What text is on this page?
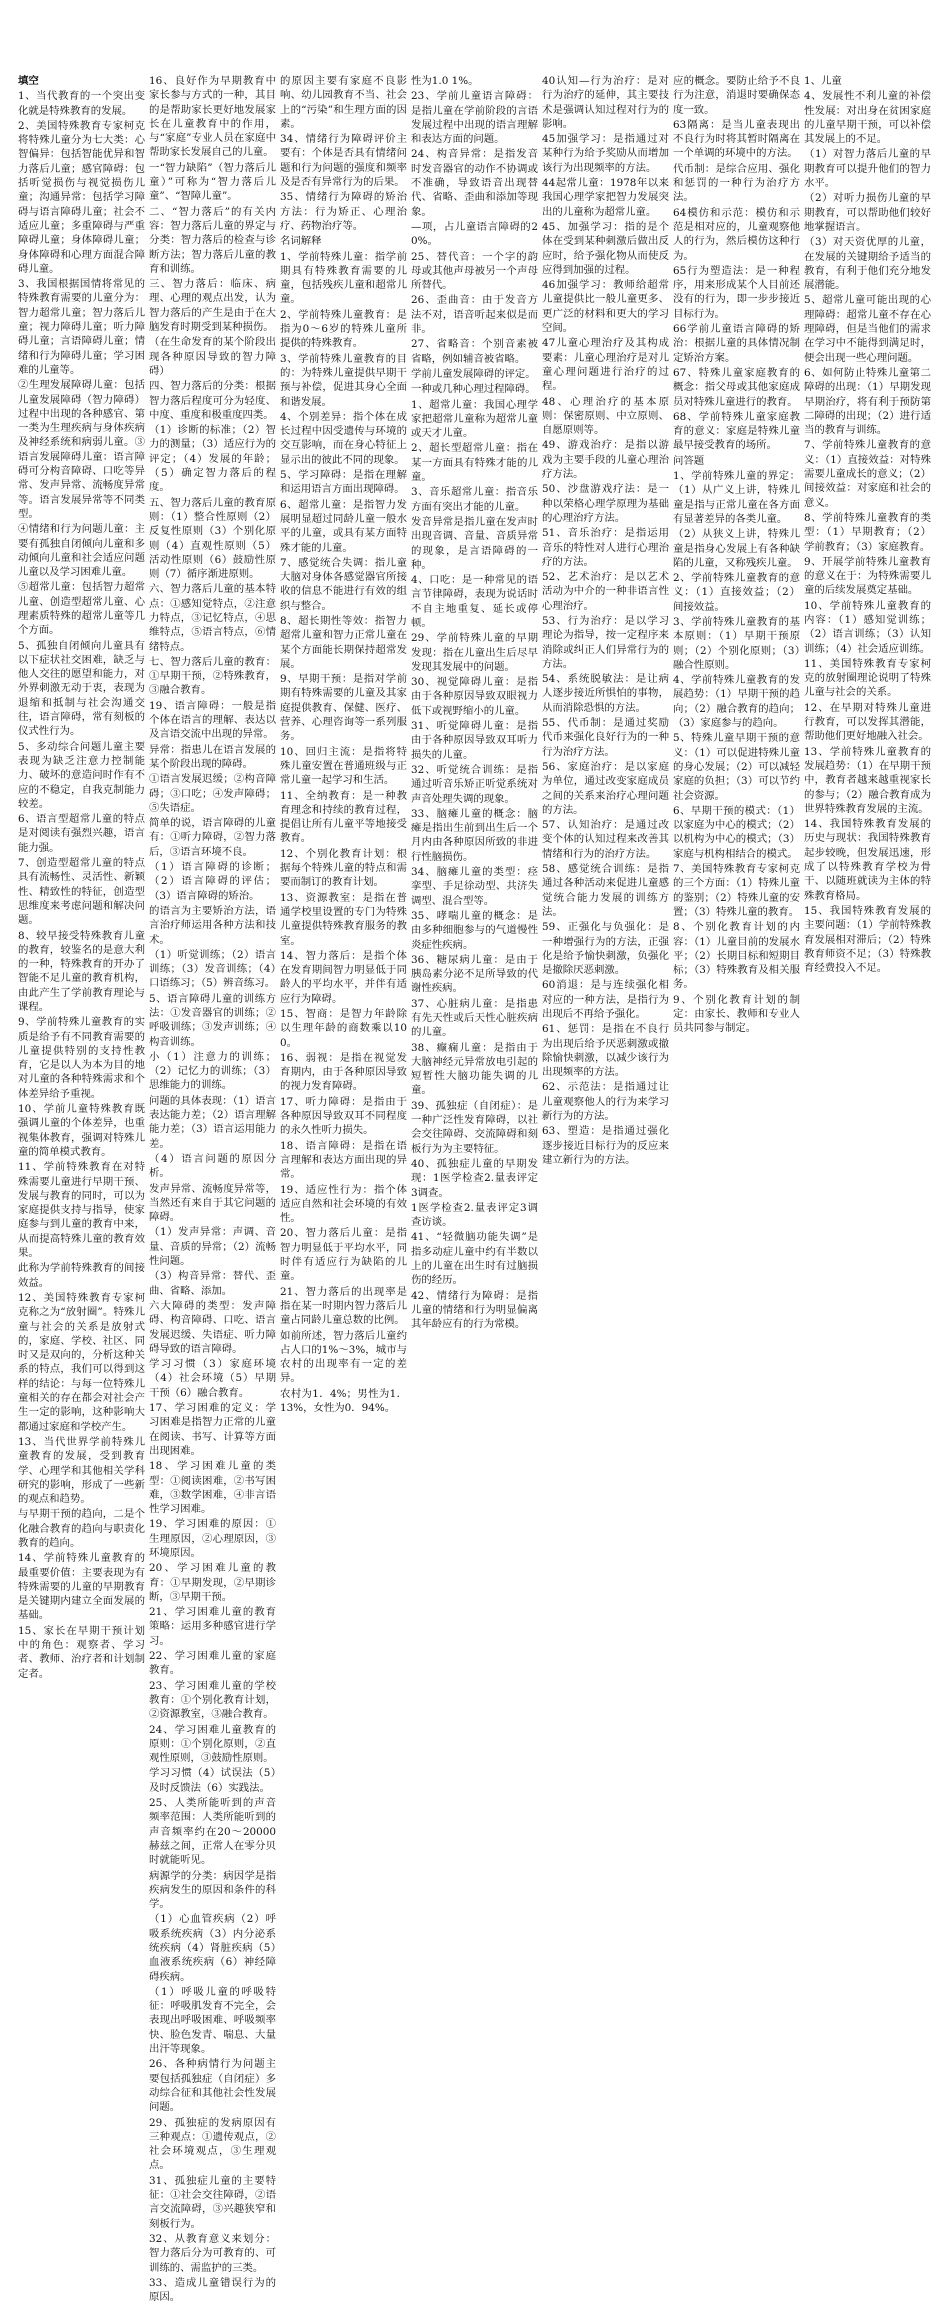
填空

1、当代教育的一个突出变化就是特殊教育的发展。

2、美国特殊教育专家柯克将特殊儿童分为七大类：心智偏异：包括智能优异和智力落后儿童；感官障碍：包括听觉损伤与视觉损伤儿童；沟通异常：包括学习障碍与语言障碍儿童；社会不适应儿童；多重障碍与严重障碍儿童；身体障碍儿童；身体障碍和心理方面混合障碍儿童。

3、我国根据国情将常见的特殊教育需要的儿童分为：智力超常儿童；智力落后儿童；视力障碍儿童；听力障碍儿童；言语障碍儿童；情绪和行为障碍儿童；学习困难的儿童等。

②生理发展障碍儿童：包括儿童发展障碍（智力障碍）过程中出现的各种感官、第一类为生理疾病与身体疾病及神经系统和病弱儿童。③语言发展障碍儿童：语言障碍可分构音障碍、口吃等异常、发声异常、流畅度异常等。语言发展异常等不同类型。

④情绪和行为问题儿童：主要有孤独自闭倾向儿童和多动倾向儿童和社会适应问题儿童以及学习困难儿童。

⑤超常儿童：包括智力超常儿童、创造型超常儿童、心理素质特殊的超常儿童等几个方面。

5、孤独自闭倾向儿童具有以下症状社交困难，缺乏与他人交往的愿望和能力，对外界刺激无动于衷，表现为退缩和抵制与社会沟通交往，语言障碍，常有刻板的仪式性行为。

5、多动综合问题儿童主要表现为缺乏注意力控制能力、破坏的意造问时作有不应的不稳定，自我克制能力较差。

6、语言型超常儿童的特点是对阅读有强烈兴趣，语言能力强。

7、创造型超常儿童的特点具有流畅性、灵活性、新颖性、精致性的特征，创造型思维度来考虑问题和解决问题。

8、较早接受特殊教育儿童的教育，较鉴名的是意大利的一种，特殊教育的开办了智能不足儿童的教育机构，由此产生了学前教育理论与课程。

9、学前特殊儿童教育的实质是给予有不同教育需要的儿童提供特别的支持性教育，它是以人为本为目的地对儿童的各种特殊需求和个体差异给予重视。

10、学前儿童特殊教育既强调儿童的个体差异，也重视集体教育，强调对特殊儿童的简单模式教育。

11、学前特殊教育在对特殊需要儿童进行早期干预、发展与教育的同时，可以为家庭提供支持与指导，使家庭参与到儿童的教育中来，从而提高特殊儿童的教育效果。

此称为学前特殊教育的间接效益。

12、美国特殊教育专家柯克称之为“放射圈”。特殊儿童与社会的关系是放射式的，家庭、学校、社区、同时又是双向的，分析这种关系的特点，我们可以得到这样的结论：与每一位特殊儿童相关的存在都会对社会产生一定的影响，这种影响大都通过家庭和学校产生。

13、当代世界学前特殊儿童教育的发展，受到教育学、心理学和其他相关学科研究的影响，形成了一些新的观点和趋势。

与早期干预的趋向，二是个化融合教育的趋向与职责化教育的趋向。

14、学前特殊儿童教育的最重要价值：主要表现为有特殊需要的儿童的早期教育是关键期内建立全面发展的基础。

15、家长在早期干预计划中的角色：观察者、学习者、教师、治疗者和计划制定者。

16、良好作为早期教育中家长参与方式的一种，其目的是帮助家长更好地发展家长在儿童教育中的作用，与“家庭”专业人员在家庭中帮助家长发展自己的儿童。

一“智力缺陷”（智力落后儿童）”可称为“智力落后儿童”、“智障儿童”。

二、“智力落后”的有关内容：智力落后儿童的界定与分类：智力落后的检查与诊断方法；智力落后儿童的教育和训练。

三、智力落后：临床、病理、心理的观点出发，认为智力落后的产生是由于在大脑发育时期受到某种损伤。

（在生命发育的某个阶段出现各种原因导致的智力障碍）

四、智力落后的分类：根据智力落后程度可分为轻度、中度、重度和极重度四类。

（1）诊断的标准；（2）智力的测量；（3）适应行为的评定；（4）发展的年龄；（5）确定智力落后的程度。

五、智力落后儿童的教育原则：（1）整合性原则（2）反复性原则（3）个别化原则（4）直观性原则（5）活动性原则（6）鼓励性原则（7）循序渐进原则。

六、智力落后儿童的基本特点：①感知觉特点，②注意力特点，③记忆特点，④思维特点，⑤语言特点，⑥情绪特点。

七、智力落后儿童的教育：①早期干预，②特殊教育，③融合教育。

19、语言障碍：一般是指个体在语言的理解、表达以及言语交流中出现的异常。

异常：指患儿在语言发展的某个阶段出现的障碍。

①语言发展迟缓；②构音障碍；③口吃；④发声障碍；⑤失语症。

简单的说，语言障碍的儿童有：①听力障碍，②智力落后，③语言环境不良。

（1）语言障碍的诊断；（2）语言障碍的评估；（3）语言障碍的矫治。

的语言为主要矫治方法，语言治疗师运用各种方法和技术。

（1）听觉训练；（2）语言训练；（3）发音训练；（4）口语练习；（5）辨音练习。

5、语言障碍儿童的训练方法：①发音器官的训练；②呼吸训练；③发声训练；④构音训练。

小（1）注意力的训练；（2）记忆力的训练；（3）思维能力的训练。

问题的具体表现：（1）语言表达能力差；（2）语言理解能力差；（3）语言运用能力差。

（4）语言问题的原因分析。

发声异常、流畅度异常等，当然还有来自于其它问题的障碍。

（1）发声异常：声调、音量、音质的异常；（2）流畅性问题。

（3）构音异常：替代、歪曲、省略、添加。

六大障碍的类型：发声障碍、构音障碍、口吃、语言发展迟缓、失语症、听力障碍导致的语言障碍。

学习习惯（3）家庭环境（4）社会环境（5）早期干预（6）融合教育。

17、学习困难的定义：学习困难是指智力正常的儿童在阅读、书写、计算等方面出现困难。

18、学习困难儿童的类型：①阅读困难，②书写困难，③数学困难，④非言语性学习困难。

19、学习困难的原因：①生理原因，②心理原因，③环境原因。

20、学习困难儿童的教育：①早期发现，②早期诊断，③早期干预。

21、学习困难儿童的教育策略：运用多种感官进行学习。

22、学习困难儿童的家庭教育。

23、学习困难儿童的学校教育：①个别化教育计划，②资源教室，③融合教育。

24、学习困难儿童教育的原则：①个别化原则，②直观性原则，③鼓励性原则。

学习习惯（4）试误法（5）及时反馈法（6）实践法。

25、人类所能听到的声音频率范围：人类所能听到的声音频率约在20～20000赫兹之间，正常人在零分贝时就能听见。

病源学的分类：病因学是指疾病发生的原因和条件的科学。

（1）心血管疾病（2）呼吸系统疾病（3）内分泌系统疾病（4）肾脏疾病（5）血液系统疾病（6）神经障碍疾病。

（1）呼吸儿童的呼吸特征：呼吸肌发育不完全，会表现出呼吸困难、呼吸频率快、脸色发青、喘息、大量出汗等现象。

26、各种病情行为问题主要包括孤独症（自闭症）多动综合征和其他社会性发展问题。

29、孤独症的发病原因有三种观点：①遗传观点，②社会环境观点，③生理观点。

31、孤独症儿童的主要特征：①社会交往障碍，②语言交流障碍，③兴趣狭窄和刻板行为。

32、从教育意义来划分：智力落后分为可教育的、可训练的、需监护的三类。

33、造成儿童错误行为的原因。

的原因主要有家庭不良影响、幼儿园教育不当、社会上的“污染”和生理方面的因素。

34、情绪行为障碍评价主要有：个体是否具有情绪问题和行为问题的强度和频率及是否有异常行为的后果。

35、情绪行为障碍的矫治方法：行为矫正、心理治疗、药物治疗等。

名词解释

1、学前特殊儿童：指学前期具有特殊教育需要的儿童，包括残疾儿童和超常儿童。

2、学前特殊儿童教育：是指为0～6岁的特殊儿童所提供的特殊教育。

3、学前特殊儿童教育的目的：为特殊儿童提供早期干预与补偿，促进其身心全面和谐发展。

4、个别差异：指个体在成长过程中因受遗传与环境的交互影响，而在身心特征上显示出的彼此不同的现象。

5、学习障碍：是指在理解和运用语言方面出现障碍。

6、超常儿童：是指智力发展明显超过同龄儿童一般水平的儿童，或具有某方面特殊才能的儿童。

7、感觉统合失调：指儿童大脑对身体各感觉器官所接收的信息不能进行有效的组织与整合。

8、超长期性等效：指智力超常儿童和智力正常儿童在某个方面能长期保持超常发展。

9、早期干预：是指对学前期有特殊需要的儿童及其家庭提供教育、保健、医疗、营养、心理咨询等一系列服务。

10、回归主流：是指将特殊儿童安置在普通班级与正常儿童一起学习和生活。

11、全纳教育：是一种教育理念和持续的教育过程，提倡让所有儿童平等地接受教育。

12、个别化教育计划：根据每个特殊儿童的特点和需要而制订的教育计划。

13、资源教室：是指在普通学校里设置的专门为特殊儿童提供特殊教育服务的教室。

14、智力落后：是指个体在发育期间智力明显低于同龄人的平均水平，并伴有适应行为障碍。

15、智商：是智力年龄除以生理年龄的商数乘以100。

16、弱视：是指在视觉发育期内，由于各种原因导致的视力发育障碍。

17、听力障碍：是指由于各种原因导致双耳不同程度的永久性听力损失。

18、语言障碍：是指在语言理解和表达方面出现的异常。

19、适应性行为：指个体适应自然和社会环境的有效性。

20、智力落后儿童：是指智力明显低于平均水平，同时伴有适应行为缺陷的儿童。

21、智力落后的出现率是指在某一时期内智力落后儿童占同龄儿童总数的比例。

如前所述，智力落后儿童约占人口的1%～3%，城市与农村的出现率有一定的差异。

农村为1．4%；男性为1．13%，女性为0．94%。

性为1.0 1%。

23、学前儿童语言障碍：是指儿童在学前阶段的言语发展过程中出现的语言理解和表达方面的问题。

24、构音异常：是指发音时发音器官的动作不协调或不准确，导致语音出现替代、省略、歪曲和添加等现象。

—项，占儿童语言障碍的20%。

25、替代音：一个字的韵母或其他声母被另一个声母所替代。

26、歪曲音：由于发音方法不对，语音听起来似是而非。

27、省略音：个别音素被省略，例如辅音被省略。

学前儿童发展障碍的评定。

一种或几种心理过程障碍。

1、超常儿童：我国心理学家把超常儿童称为超常儿童或天才儿童。

2、超长型超常儿童：指在某一方面具有特殊才能的儿童。

3、音乐超常儿童：指音乐方面有突出才能的儿童。

发音异常是指儿童在发声时出现音调、音量、音质异常的现象，是言语障碍的一种。

4、口吃：是一种常见的语言节律障碍，表现为说话时不自主地重复、延长或停顿。

29、学前特殊儿童的早期发现：指在儿童出生后尽早发现其发展中的问题。

30、视觉障碍儿童：是指由于各种原因导致双眼视力低下或视野缩小的儿童。

31、听觉障碍儿童：是指由于各种原因导致双耳听力损失的儿童。

32、听觉统合训练：是指通过听音乐矫正听觉系统对声音处理失调的现象。

33、脑瘫儿童的概念：脑瘫是指出生前到出生后一个月内由各种原因所致的非进行性脑损伤。

34、脑瘫儿童的类型：痉挛型、手足徐动型、共济失调型、混合型等。

35、哮喘儿童的概念：是由多种细胞参与的气道慢性炎症性疾病。

36、糖尿病儿童：是由于胰岛素分泌不足所导致的代谢性疾病。

37、心脏病儿童：是指患有先天性或后天性心脏疾病的儿童。

38、癫痫儿童：是指由于大脑神经元异常放电引起的短暂性大脑功能失调的儿童。

39、孤独症（自闭症）：是一种广泛性发育障碍，以社会交往障碍、交流障碍和刻板行为为主要特征。

40、孤独症儿童的早期发现：1医学检查2.量表评定3调查。

1医学检查2.量表评定3调查访谈。

41、“轻微脑功能失调”是指多动症儿童中约有半数以上的儿童在出生时有过脑损伤的经历。

42、情绪行为障碍：是指儿童的情绪和行为明显偏离其年龄应有的行为常模。

40认知—行为治疗：是对行为治疗的延伸，其主要技术是强调认知过程对行为的影响。

45加强学习：是指通过对某种行为给予奖励从而增加该行为出现频率的方法。

44起常儿童：1978年以来我国心理学家把智力发展突出的儿童称为超常儿童。

45、加强学习：指的是个体在受到某种刺激后做出反应时，给予强化物从而使反应得到加强的过程。

46加强学习：教师给超常儿童提供比一般儿童更多、更广泛的材料和更大的学习空间。

47儿童心理治疗及其构成要素：儿童心理治疗是对儿童心理问题进行治疗的过程。

48、心理治疗的基本原则：保密原则、中立原则、自愿原则等。

49、游戏治疗：是指以游戏为主要手段的儿童心理治疗方法。

50、沙盘游戏疗法：是一种以荣格心理学原理为基础的心理治疗方法。

51、音乐治疗：是指运用音乐的特性对人进行心理治疗的方法。

52、艺术治疗：是以艺术活动为中介的一种非语言性心理治疗。

53、行为治疗：是以学习理论为指导，按一定程序来消除或纠正人们异常行为的方法。

54、系统脱敏法：是让病人逐步接近所惧怕的事物，从而消除恐惧的方法。

55、代币制：是通过奖励代币来强化良好行为的一种行为治疗方法。

56、家庭治疗：是以家庭为单位，通过改变家庭成员之间的关系来治疗心理问题的方法。

57、认知治疗：是通过改变个体的认知过程来改善其情绪和行为的治疗方法。

58、感觉统合训练：是指通过各种活动来促进儿童感觉统合能力发展的训练方法。

59、正强化与负强化：是一种增强行为的方法，正强化是给予愉快刺激，负强化是撤除厌恶刺激。

60消退：是与连续强化相对应的一种方法，是指行为出现后不再给予强化。

61、惩罚：是指在不良行为出现后给予厌恶刺激或撤除愉快刺激，以减少该行为出现频率的方法。

62、示范法：是指通过让儿童观察他人的行为来学习新行为的方法。

63、塑造：是指通过强化逐步接近目标行为的反应来建立新行为的方法。

应的概念。要防止给予不良行为注意，消退时要确保态度一致。

63隔离：是当儿童表现出不良行为时将其暂时隔离在一个单调的环境中的方法。

代币制：是综合应用、强化和惩罚的一种行为治疗方法。

64模仿和示范：模仿和示范是相对应的，儿童观察他人的行为，然后模仿这种行为。

65行为塑造法：是一种程序，用来形成某个人目前还没有的行为，即一步步接近目标行为。

66学前儿童语言障碍的矫治：根据儿童的具体情况制定矫治方案。

67、特殊儿童家庭教育的概念：指父母或其他家庭成员对特殊儿童进行的教育。

68、学前特殊儿童家庭教育的意义：家庭是特殊儿童最早接受教育的场所。

问答题

1、学前特殊儿童的界定：（1）从广义上讲，特殊儿童是指与正常儿童在各方面有显著差异的各类儿童。

（2）从狭义上讲，特殊儿童是指身心发展上有各种缺陷的儿童，又称残疾儿童。

2、学前特殊儿童教育的意义：（1）直接效益；（2）间接效益。

3、学前特殊儿童教育的基本原则：（1）早期干预原则；（2）个别化原则；（3）融合性原则。

4、学前特殊儿童教育的发展趋势：（1）早期干预的趋向；（2）融合教育的趋向；（3）家庭参与的趋向。

5、特殊儿童早期干预的意义：（1）可以促进特殊儿童的身心发展；（2）可以减轻家庭的负担；（3）可以节约社会资源。

6、早期干预的模式：（1）以家庭为中心的模式；（2）以机构为中心的模式；（3）家庭与机构相结合的模式。

7、美国特殊教育专家柯克的三个方面：（1）特殊儿童的鉴别；（2）特殊儿童的安置；（3）特殊儿童的教育。

8、个别化教育计划的内容：（1）儿童目前的发展水平；（2）长期目标和短期目标；（3）特殊教育及相关服务。

9、个别化教育计划的制定：由家长、教师和专业人员共同参与制定。

1、儿童

4、发展性不利儿童的补偿性发展：对出身在贫困家庭的儿童早期干预，可以补偿其发展上的不足。

（1）对智力落后儿童的早期教育可以提升他们的智力水平。

（2）对听力损伤儿童的早期教育，可以帮助他们较好地掌握语言。

（3）对天资优厚的儿童，在发展的关键期给予适当的教育，有利于他们充分地发展潜能。

5、超常儿童可能出现的心理障碍：超常儿童不存在心理障碍，但是当他们的需求在学习中不能得到满足时，便会出现一些心理问题。

6、如何防止特殊儿童第二障碍的出现：（1）早期发现早期治疗，将有利于预防第二障碍的出现；（2）进行适当的教育与训练。

7、学前特殊儿童教育的意义：（1）直接效益：对特殊需要儿童成长的意义；（2）间接效益：对家庭和社会的意义。

8、学前特殊儿童教育的类型：（1）早期教育；（2）学前教育；（3）家庭教育。

9、开展学前特殊儿童教育的意义在于：为特殊需要儿童的后续发展奠定基础。

10、学前特殊儿童教育的内容：（1）感知觉训练；（2）语言训练；（3）认知训练；（4）社会适应训练。

11、美国特殊教育专家柯克的放射圈理论说明了特殊儿童与社会的关系。

12、在早期对特殊儿童进行教育，可以发挥其潜能，帮助他们更好地融入社会。

13、学前特殊儿童教育的发展趋势：（1）在早期干预中，教育者越来越重视家长的参与；（2）融合教育成为世界特殊教育发展的主流。

14、我国特殊教育发展的历史与现状：我国特殊教育起步较晚，但发展迅速，形成了以特殊教育学校为骨干、以随班就读为主体的特殊教育格局。

15、我国特殊教育发展的主要问题：（1）学前特殊教育发展相对滞后；（2）特殊教育师资不足；（3）特殊教育经费投入不足。
